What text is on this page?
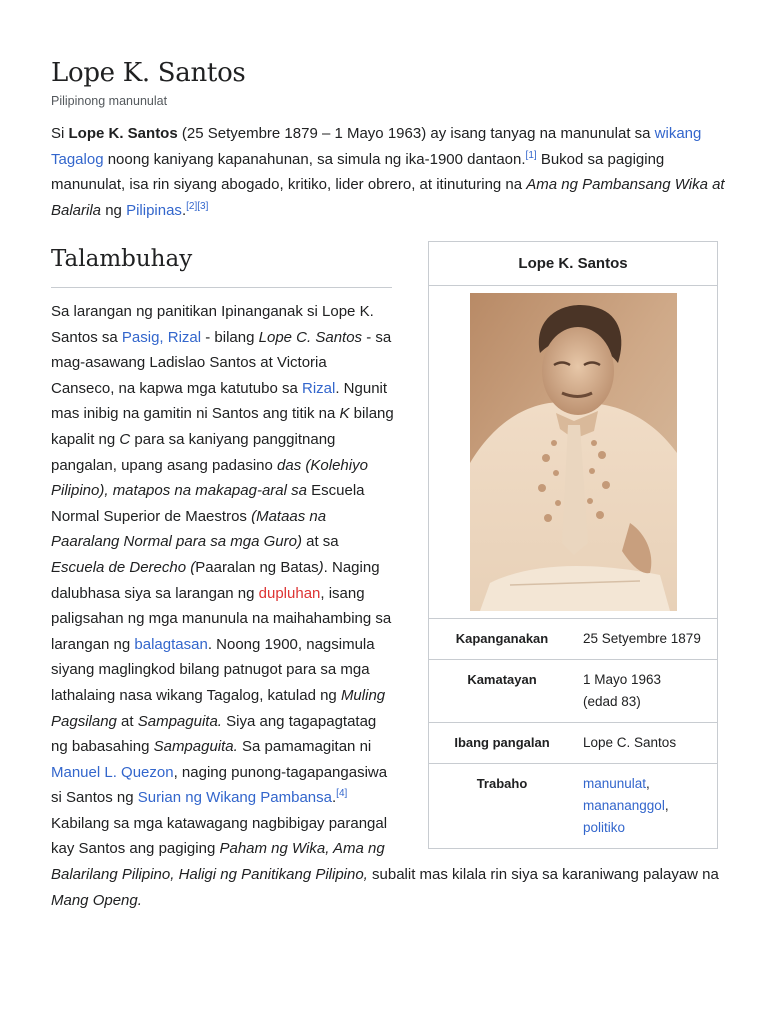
Lope K. Santos
Pilipinong manunulat

Si Lope K. Santos (25 Setyembre 1879 – 1 Mayo 1963) ay isang tanyag na manunulat sa wikang Tagalog noong kaniyang kapanahunan, sa simula ng ika-1900 dantaon.[1] Bukod sa pagiging manunulat, isa rin siyang abogado, kritiko, lider obrero, at itinuturing na Ama ng Pambansang Wika at Balarila ng Pilipinas.[2][3]

Talambuhay	Lope K. Santos
Kapanganakan	25 Setyembre 1879
Kamatayan	1 Mayo 1963
(edad 83)
Ibang pangalan	Lope C. Santos
Trabaho	manunulat,
manananggol,
politiko
Sa larangan ng panitikan Ipinanganak si Lope K. Santos sa Pasig, Rizal - bilang Lope C. Santos - sa mag-asawang Ladislao Santos at Victoria Canseco, na kapwa mga katutubo sa Rizal. Ngunit mas inibig na gamitin ni Santos ang titik na K bilang kapalit ng C para sa kaniyang panggitnang pangalan, upang asang padasino das (Kolehiyo Pilipino), matapos na makapag-aral sa Escuela Normal Superior de Maestros (Mataas na Paaralang Normal para sa mga Guro) at sa Escuela de Derecho (Paaralan ng Batas). Naging dalubhasa siya sa larangan ng dupluhan, isang paligsahan ng mga manunula na maihahambing sa larangan ng balagtasan. Noong 1900, nagsimula siyang maglingkod bilang patnugot para sa mga lathalaing nasa wikang Tagalog, katulad ng Muling Pagsilang at Sampaguita. Siya ang tagapagtatag ng babasahing Sampaguita. Sa pamamagitan ni Manuel L. Quezon, naging punong-tagapangasiwa si Santos ng Surian ng Wikang Pambansa.[4] Kabilang sa mga katawagang nagbibigay parangal kay Santos ang pagiging Paham ng Wika, Ama ng Balarilang Pilipino, Haligi ng Panitikang Pilipino, subalit mas kilala rin siya sa karaniwang palayaw na Mang Openg.
